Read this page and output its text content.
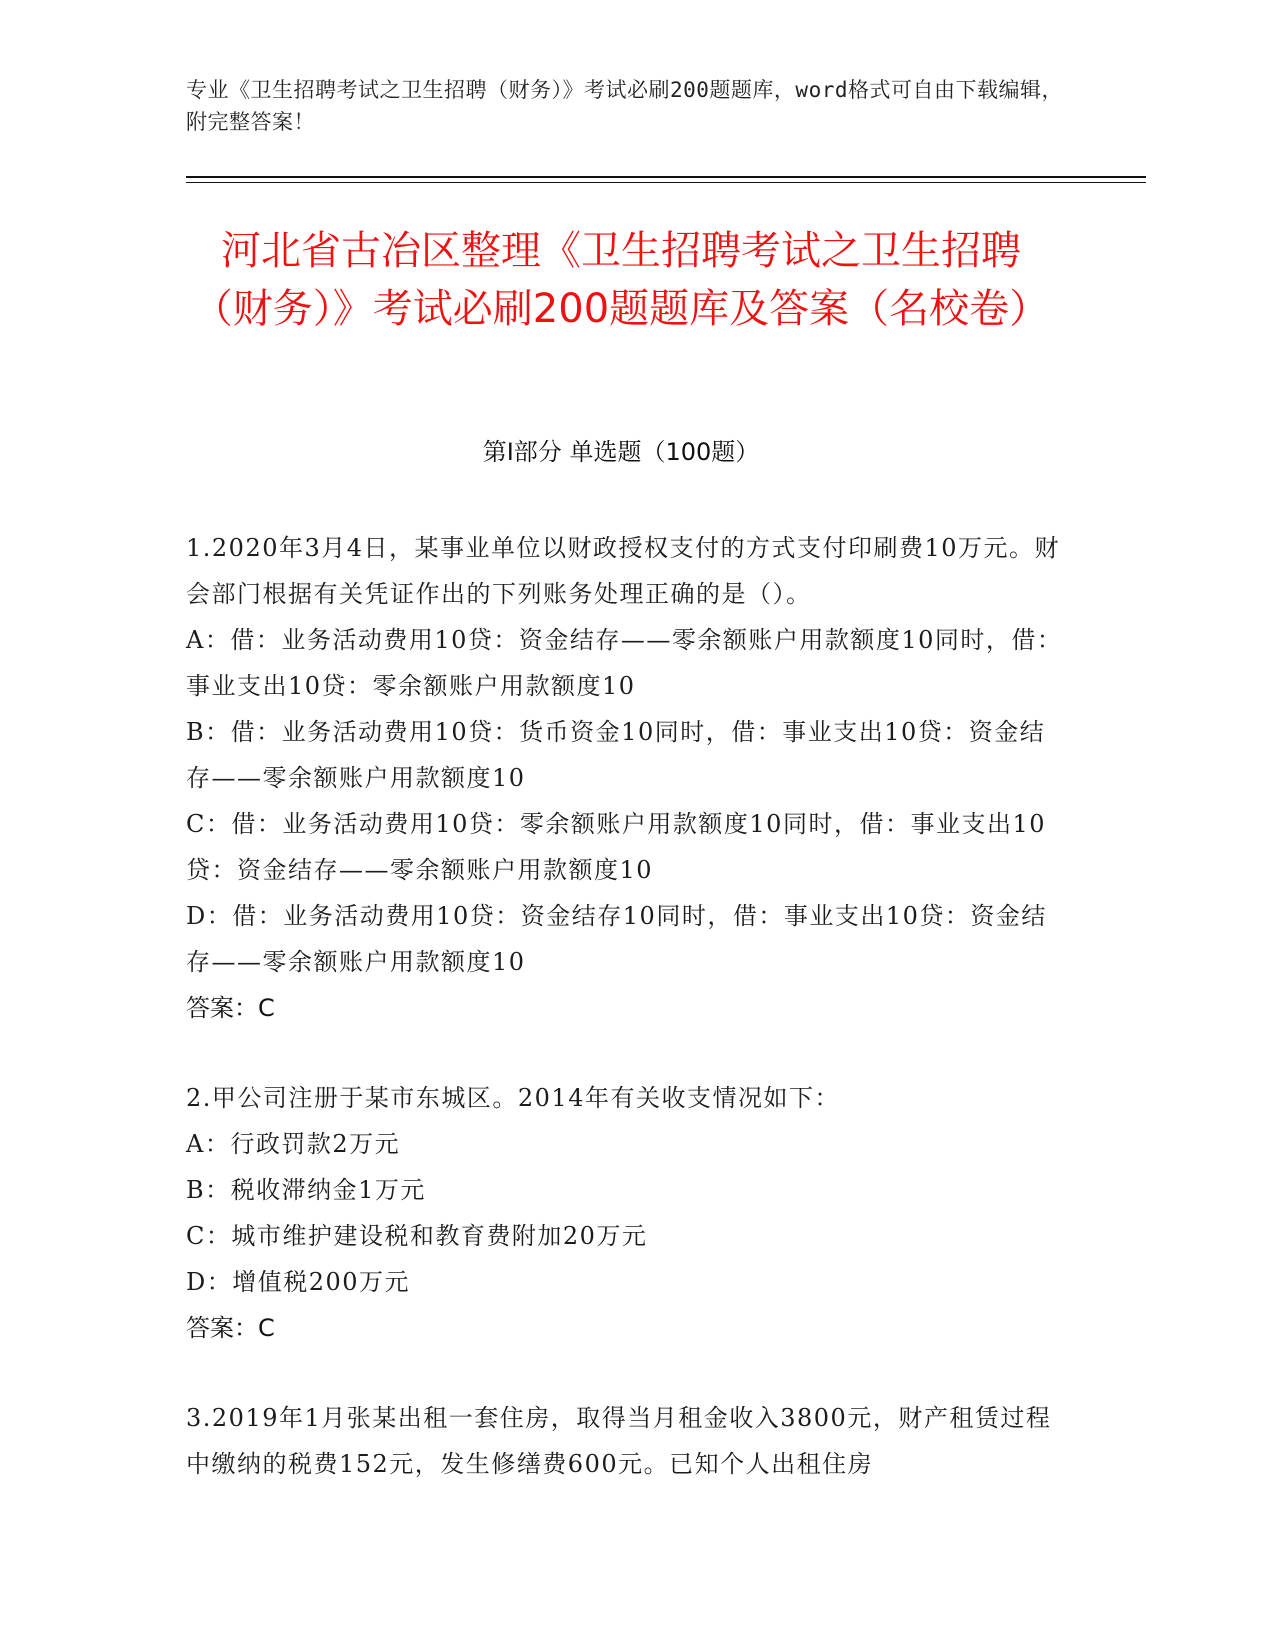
专业《卫生招聘考试之卫生招聘（财务）》考试必刷200题题库，word格式可自由下载编辑，附完整答案！
河北省古冶区整理《卫生招聘考试之卫生招聘（财务）》考试必刷200题题库及答案（名校卷）
第Ⅰ部分 单选题（100题）

1.2020年3月4日，某事业单位以财政授权支付的方式支付印刷费10万元。财会部门根据有关凭证作出的下列账务处理正确的是（）。

A：借：业务活动费用10贷：资金结存——零余额账户用款额度10同时，借：事业支出10贷：零余额账户用款额度10

B：借：业务活动费用10贷：货币资金10同时，借：事业支出10贷：资金结存——零余额账户用款额度10

C：借：业务活动费用10贷：零余额账户用款额度10同时，借：事业支出10贷：资金结存——零余额账户用款额度10

D：借：业务活动费用10贷：资金结存10同时，借：事业支出10贷：资金结存——零余额账户用款额度10

答案：C

2.甲公司注册于某市东城区。2014年有关收支情况如下：

A：行政罚款2万元

B：税收滞纳金1万元

C：城市维护建设税和教育费附加20万元

D：增值税200万元

答案：C

3.2019年1月张某出租一套住房，取得当月租金收入3800元，财产租赁过程中缴纳的税费152元，发生修缮费600元。已知个人出租住房
